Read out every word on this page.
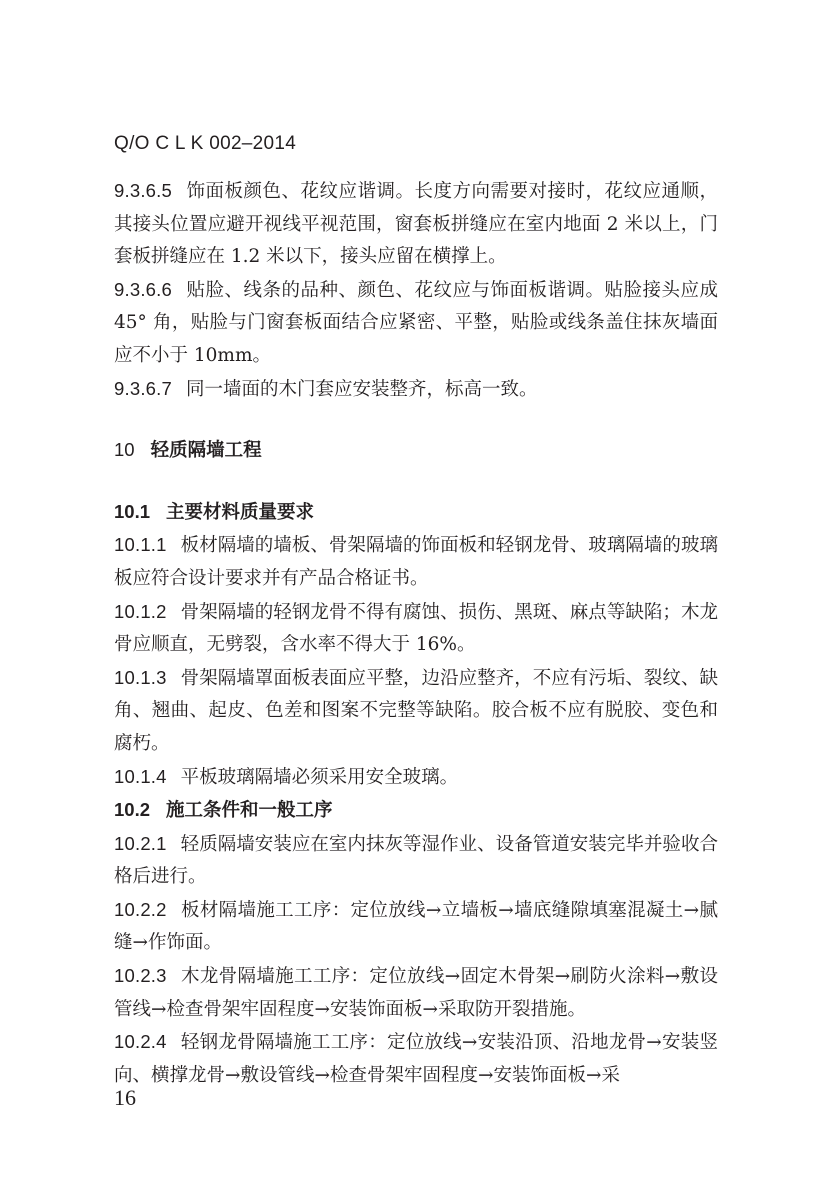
Q/O C L K 002–2014

9.3.6.5 饰面板颜色、花纹应谐调。长度方向需要对接时，花纹应通顺，其接头位置应避开视线平视范围，窗套板拼缝应在室内地面 2 米以上，门套板拼缝应在 1.2 米以下，接头应留在横撑上。

9.3.6.6 贴脸、线条的品种、颜色、花纹应与饰面板谐调。贴脸接头应成 45° 角，贴脸与门窗套板面结合应紧密、平整，贴脸或线条盖住抹灰墙面应不小于 10mm。

9.3.6.7 同一墙面的木门套应安装整齐，标高一致。

10 轻质隔墙工程

10.1 主要材料质量要求

10.1.1 板材隔墙的墙板、骨架隔墙的饰面板和轻钢龙骨、玻璃隔墙的玻璃板应符合设计要求并有产品合格证书。

10.1.2 骨架隔墙的轻钢龙骨不得有腐蚀、损伤、黑斑、麻点等缺陷；木龙骨应顺直，无劈裂，含水率不得大于 16%。

10.1.3 骨架隔墙罩面板表面应平整，边沿应整齐，不应有污垢、裂纹、缺角、翘曲、起皮、色差和图案不完整等缺陷。胶合板不应有脱胶、变色和腐朽。

10.1.4 平板玻璃隔墙必须采用安全玻璃。

10.2 施工条件和一般工序

10.2.1 轻质隔墙安装应在室内抹灰等湿作业、设备管道安装完毕并验收合格后进行。

10.2.2 板材隔墙施工工序：定位放线→立墙板→墙底缝隙填塞混凝土→腻缝→作饰面。

10.2.3 木龙骨隔墙施工工序：定位放线→固定木骨架→刷防火涂料→敷设管线→检查骨架牢固程度→安装饰面板→采取防开裂措施。

10.2.4 轻钢龙骨隔墙施工工序：定位放线→安装沿顶、沿地龙骨→安装竖向、横撑龙骨→敷设管线→检查骨架牢固程度→安装饰面板→采

16
